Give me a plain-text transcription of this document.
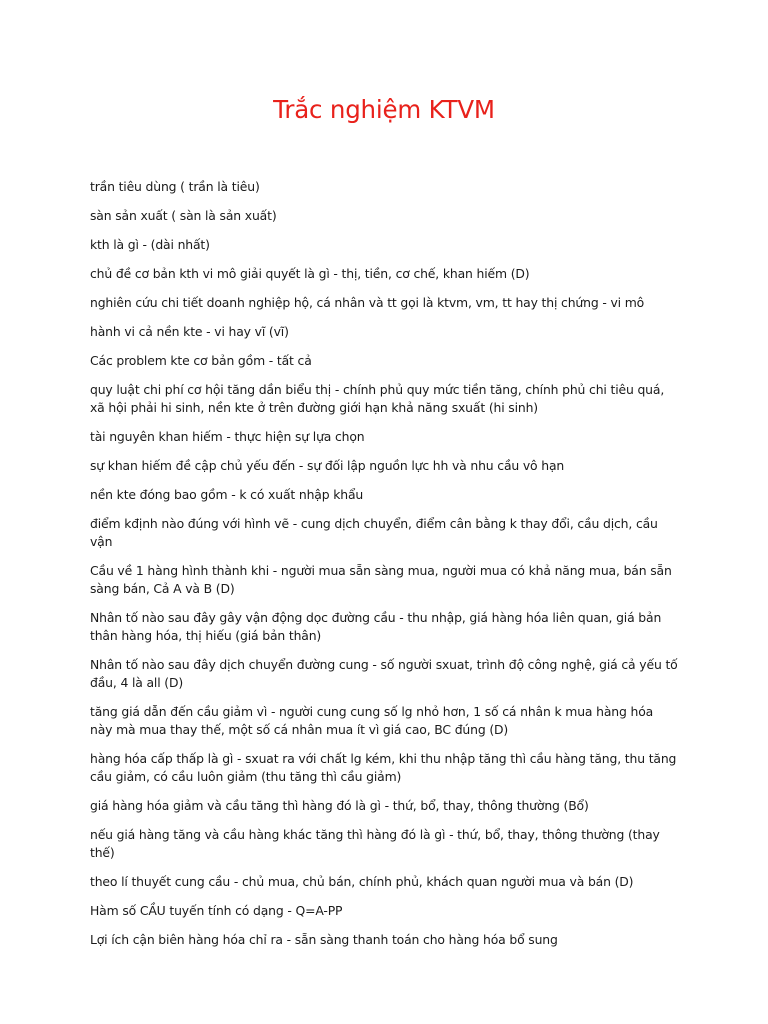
Trắc nghiệm KTVM
trần tiêu dùng ( trần là tiêu)
sàn sản xuất ( sàn là sản xuất)
kth là gì - (dài nhất)
chủ đề cơ bản kth vi mô giải quyết là gì - thị, tiền, cơ chế, khan hiếm (D)
nghiên cứu chi tiết doanh nghiệp hộ, cá nhân và tt gọi là ktvm, vm, tt hay thị chứng - vi mô
hành vi cả nền kte - vi hay vĩ (vĩ)
Các problem kte cơ bản gồm - tất cả
quy luật chi phí cơ hội tăng dần biểu thị - chính phủ quy mức tiền tăng, chính phủ chi tiêu quá, xã hội phải hi sinh, nền kte ở trên đường giới hạn khả năng sxuất (hi sinh)
tài nguyên khan hiếm - thực hiện sự lựa chọn
sự khan hiếm đề cập chủ yếu đến - sự đối lập nguồn lực hh và nhu cầu vô hạn
nền kte đóng bao gồm - k có xuất nhập khẩu
điểm kđịnh nào đúng với hình vẽ - cung dịch chuyển, điểm cân bằng k thay đổi, cầu dịch, cầu vận
Cầu về 1 hàng hình thành khi - người mua sẵn sàng mua, người mua có khả năng mua, bán sẵn sàng bán, Cả A và B (D)
Nhân tố nào sau đây gây vận động dọc đường cầu - thu nhập, giá hàng hóa liên quan, giá bản thân hàng hóa, thị hiếu (giá bản thân)
Nhân tố nào sau đây dịch chuyển đường cung - số người sxuat, trình độ công nghệ, giá cả yếu tố đầu, 4 là all (D)
tăng giá dẫn đến cầu giảm vì - người cung cung số lg nhỏ hơn, 1 số cá nhân k mua hàng hóa này mà mua thay thế, một số cá nhân mua ít vì giá cao, BC đúng (D)
hàng hóa cấp thấp là gì - sxuat ra với chất lg kém, khi thu nhập tăng thì cầu hàng tăng, thu tăng cầu giảm, có cầu luôn giảm (thu tăng thì cầu giảm)
giá hàng hóa giảm và cầu tăng thì hàng đó là gì - thứ, bổ, thay, thông thường (Bổ)
nếu giá hàng tăng và cầu hàng khác tăng thì hàng đó là gì - thứ, bổ, thay, thông thường (thay thế)
theo lí thuyết cung cầu - chủ mua, chủ bán, chính phủ, khách quan người mua và bán (D)
Hàm số CẦU tuyến tính có dạng - Q=A-PP
Lợi ích cận biên hàng hóa chỉ ra - sẵn sàng thanh toán cho hàng hóa bổ sung
